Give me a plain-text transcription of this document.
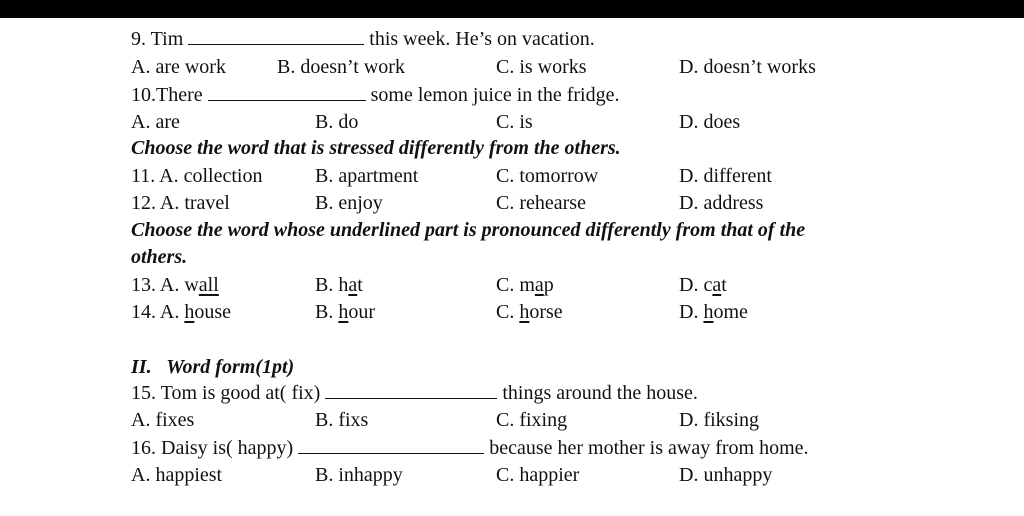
9. Tim	this week. He’s on vacation.
A. are work	B. doesn’t work	C. is works	D. doesn’t works
10.There	some lemon juice in the fridge.
A. are	B. do	C. is	D. does
Choose the word that is stressed differently from the others.
11. A. collection	B. apartment	C. tomorrow	D. different
12. A. travel	B. enjoy	C. rehearse	D. address
Choose the word whose underlined part is pronounced differently from that of the
others.
13. A. wall	B. hat	C. map	D. cat
14. A. house	B. hour	C. horse	D. home
II.   Word form(1pt)
15. Tom is good at( fix)	things around the house.
A. fixes	B. fixs	C. fixing	D. fiksing
16. Daisy is( happy)	because her mother is away from home.
A. happiest	B. inhappy	C. happier	D. unhappy
